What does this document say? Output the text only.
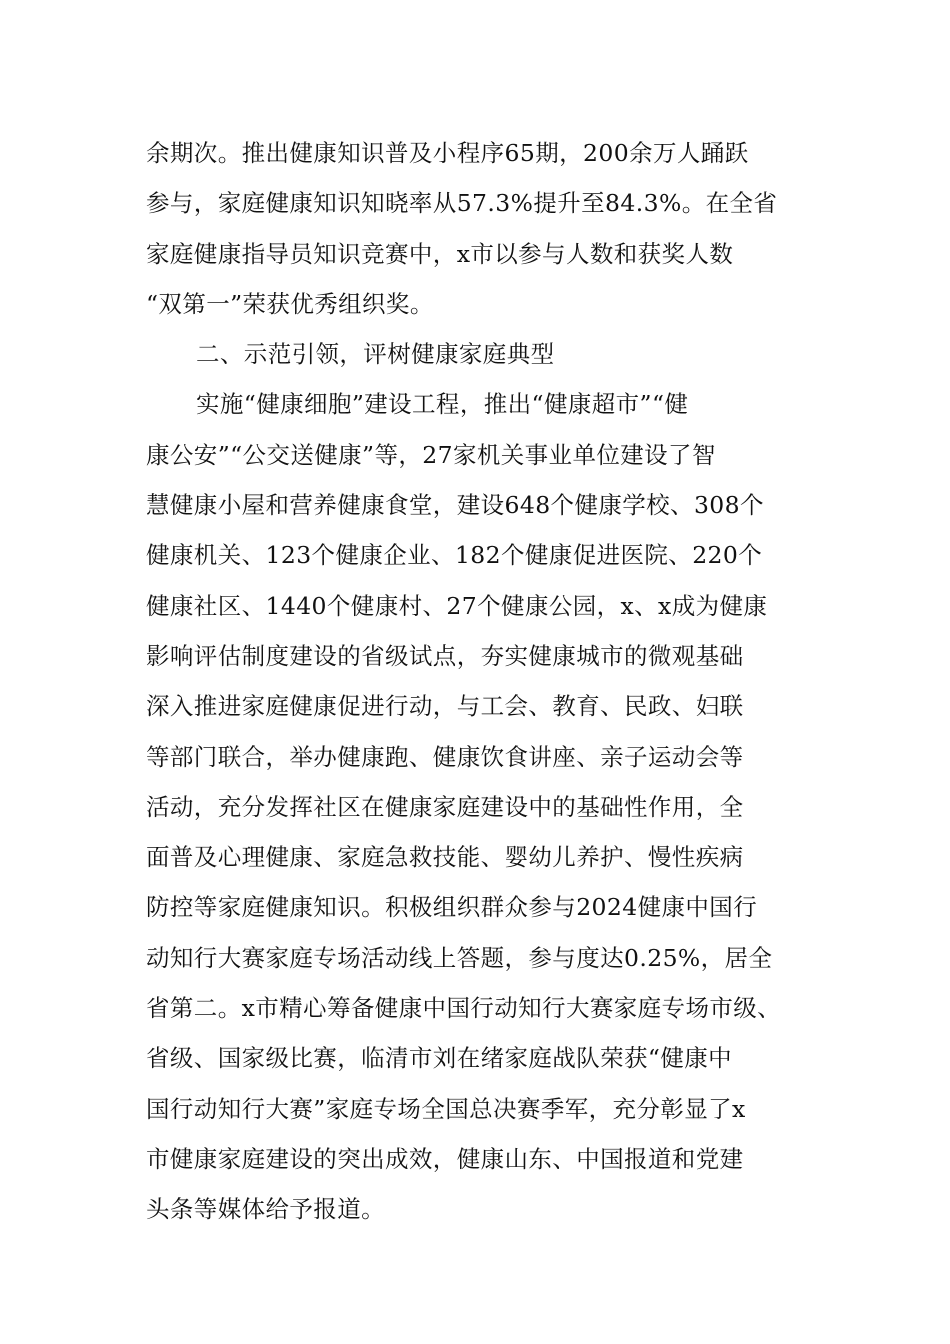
余期次。推出健康知识普及小程序65期，200余万人踊跃
参与，家庭健康知识知晓率从57.3%提升至84.3%。在全省
家庭健康指导员知识竞赛中，x市以参与人数和获奖人数
“双第一”荣获优秀组织奖。
二、示范引领，评树健康家庭典型
实施“健康细胞”建设工程，推出“健康超市”“健
康公安”“公交送健康”等，27家机关事业单位建设了智
慧健康小屋和营养健康食堂，建设648个健康学校、308个
健康机关、123个健康企业、182个健康促进医院、220个
健康社区、1440个健康村、27个健康公园，x、x成为健康
影响评估制度建设的省级试点，夯实健康城市的微观基础
深入推进家庭健康促进行动，与工会、教育、民政、妇联
等部门联合，举办健康跑、健康饮食讲座、亲子运动会等
活动，充分发挥社区在健康家庭建设中的基础性作用，全
面普及心理健康、家庭急救技能、婴幼儿养护、慢性疾病
防控等家庭健康知识。积极组织群众参与2024健康中国行
动知行大赛家庭专场活动线上答题，参与度达0.25%，居全
省第二。x市精心筹备健康中国行动知行大赛家庭专场市级、
省级、国家级比赛，临清市刘在绪家庭战队荣获“健康中
国行动知行大赛”家庭专场全国总决赛季军，充分彰显了x
市健康家庭建设的突出成效，健康山东、中国报道和党建
头条等媒体给予报道。
